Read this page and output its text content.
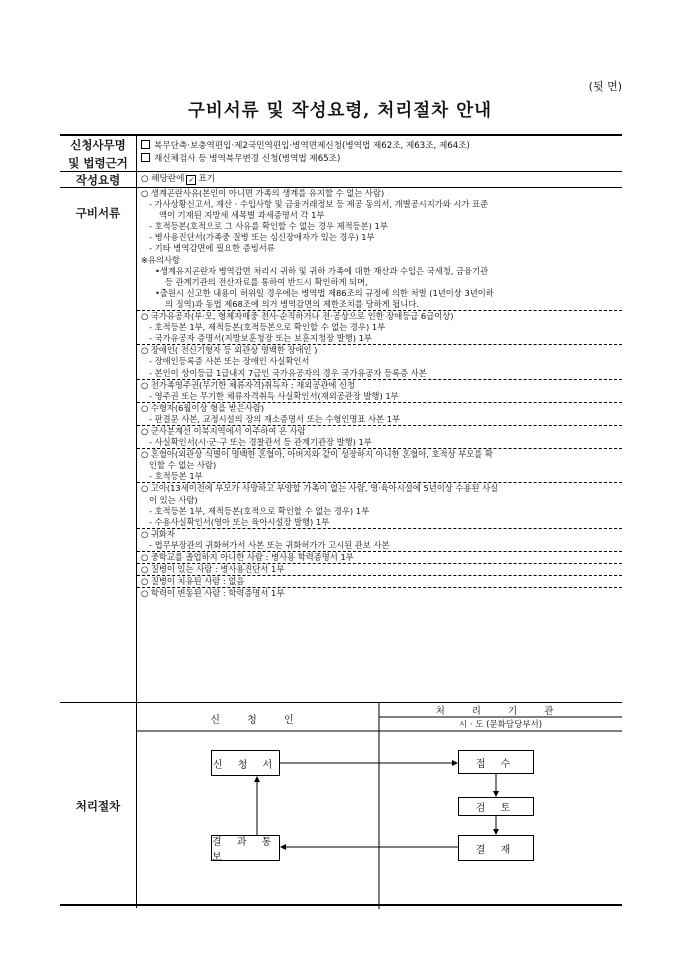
(뒷 면)
구비서류 및 작성요령, 처리절차 안내
신청사무명
및 법령근거
복무단축·보충역편입·제2국민역편입·병역면제신청(병역법 제62조, 제63조, 제64조)
재신체검사 등 병역복무변경 신청(병역법 제65조)
작성요령	○ 해당란에 ✓ 표기
구비서류
○ 생계곤란사유(본인이 아니면 가족의 생계를 유지할 수 없는 사람)
- 가사상황신고서, 재산 · 수입사항 및 금융거래정보 등 제공 동의서, 개별공시지가와 시가 표준
액이 기재된 지방세 세목별 과세증명서 각 1부
- 호적등본(호적으로 그 사유를 확인할 수 없는 경우 제적등본) 1부
- 병사용진단서(가족중 질병 또는 심신장애자가 있는 경우) 1부
- 기타 병역감면에 필요한 증빙서류
※유의사항
•생계유지곤란자 병역감면 처리시 귀하 및 귀하 가족에 대한 재산과 수입은 국세청, 금융기관
등 관계기관의 전산자료를 통하여 반드시 확인하게 되며,
•출원시 신고한 내용이 허위일 경우에는 병역법 제86조의 규정에 의한 처벌 (1년이상 3년이하
의 징역)과 동법 제68조에 의거 병역감면의 제한조치를 당하게 됩니다.
○ 국가유공자(부·모, 형제자매중 전사·순직하거나 전·공상으로 인한 장애등급 6급이상)
- 호적등본 1부, 제적등본(호적등본으로 확인할 수 없는 경우) 1부
- 국가유공자 증명서(지방보훈청장 또는 보훈지청장 발행) 1부
○ 장애인( 전신기형자 등 외관상 명백한 장애인 )
- 장애인등록증 사본 또는 장애인 사실확인서
- 본인이 상이등급 1급내지 7급인 국가유공자의 경우 국가유공자 등록증 사본
○ 전가족영주권(무기한 체류자격)취득자 : 재외공관에 신청
- 영주권 또는 무기한 체류자격취득 사실확인서(재외공관장 발행) 1부
○ 수형자(6월이상 형을 받은사람)
- 판결문 사본, 교정시설의 장의 재소증명서 또는 수형인명표 사본 1부
○ 군사분계선 이북지역에서 이주하여 온 사람
- 사실확인서(시·군·구 또는 경찰관서 등 관계기관장 발행) 1부
○ 혼혈아(외관상 식별이 명백한 혼혈아, 아버지와 같이 성장하지 아니한 혼혈아, 호적상 부모를 확
인할 수 없는 사람)
- 호적등본 1부
○ 고아(13세이전에 부모가 사망하고 부양할 가족이 없는 사람, 영·육아시설에 5년이상 수용된 사실
이 있는 사람)
- 호적등본 1부, 제적등본(호적으로 확인할 수 없는 경우) 1부
- 수용사실확인서(영아 또는 육아시설장 발행) 1부
○ 귀화자
- 법무부장관의 귀화허가서 사본 또는 귀화허가가 고시된 관보 사본
○ 중학교를 졸업하지 아니한 사람 : 병사용 학력증명서 1부
○ 질병이 있는 사람 : 병사용진단서 1부
○ 질병이 치유된 사람 : 없음
○ 학력이 변동된 사람 : 학력증명서 1부
처리절차
신 청 인
처 리 기 관
시 · 도 (문화담당부서)
신 청 서
결 과 통 보
접 수
검 토
결 재
